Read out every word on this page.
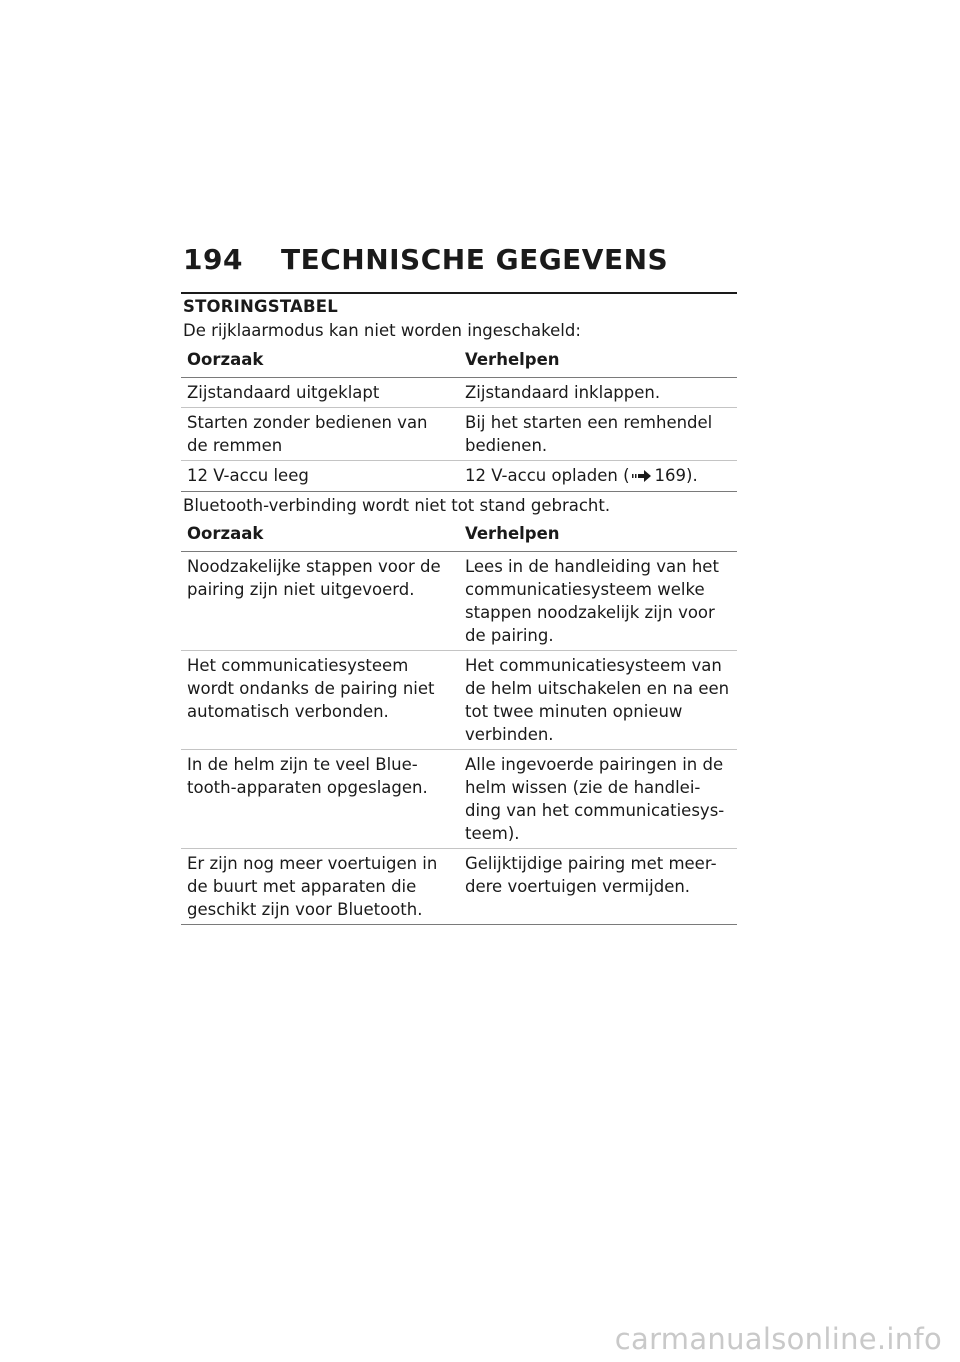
194 TECHNISCHE GEGEVENS
STORINGSTABEL
De rijklaarmodus kan niet worden ingeschakeld:
Oorzaak	Verhelpen
Zijstandaard uitgeklapt	Zijstandaard inklappen.
Starten zonder bedienen van de remmen	Bij het starten een remhendel bedienen.
12 V-accu leeg	12 V-accu opladen ( 169).
Bluetooth-verbinding wordt niet tot stand gebracht.
Oorzaak	Verhelpen
Noodzakelijke stappen voor de pairing zijn niet uitgevoerd.	Lees in de handleiding van het communicatiesysteem welke stappen noodzakelijk zijn voor de pairing.
Het communicatiesysteem wordt ondanks de pairing niet automatisch verbonden.	Het communicatiesysteem van de helm uitschakelen en na een tot twee minuten opnieuw verbinden.
In de helm zijn te veel Blue-tooth-apparaten opgeslagen.	Alle ingevoerde pairingen in de helm wissen (zie de handlei-ding van het communicatiesys-teem).
Er zijn nog meer voertuigen in de buurt met apparaten die geschikt zijn voor Bluetooth.	Gelijktijdige pairing met meer-dere voertuigen vermijden.
carmanualsonline.info
